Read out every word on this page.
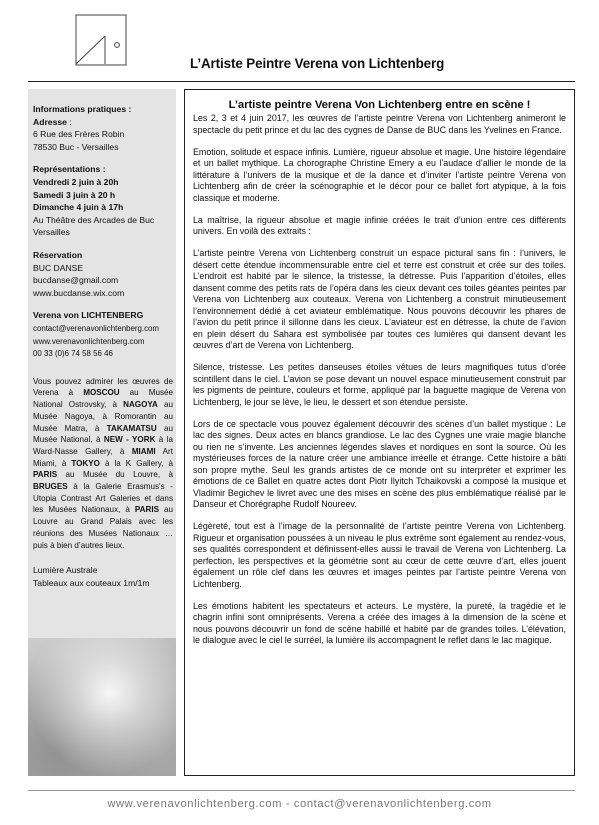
L’Artiste Peintre Verena von Lichtenberg
Informations pratiques :
Adresse :
6 Rue des Frères Robin
78530 Buc - Versailles
Représentations :
Vendredi 2 juin à 20h
Samedi 3 juin à 20 h
Dimanche 4 juin à 17h
Au Théâtre des Arcades de Buc Versailles
Réservation
BUC DANSE
bucdanse@gmail.com
www.bucdanse.wix.com
Verena von LICHTENBERG
contact@verenavonlichtenberg.com
www.verenavonlichtenberg.com
00 33 (0)6 74 58 56 46
Vous pouvez admirer les œuvres de Verena à MOSCOU au Musée National Ostrovsky, à NAGOYA au Musée Nagoya, à Romorantin au Musée Matra, à TAKAMATSU au Musée National, à NEW - YORK à la Ward-Nasse Gallery, à MIAMI Art Miami, à TOKYO à la K Gallery, à PARIS au Musée du Louvre, à BRUGES à la Galerie Erasmus's - Utopia Contrast Art Galeries et dans les Musées Nationaux, à PARIS au Louvre au Grand Palais avec les réunions des Musées Nationaux …puis à bien d’autres lieux.
Lumière Australe
Tableaux aux couteaux 1m/1m
L’artiste peintre Verena Von Lichtenberg entre en scène !

Les 2, 3 et 4 juin 2017, les œuvres de l’artiste peintre Verena von Lichtenberg animeront le spectacle du petit prince et du lac des cygnes de Danse de BUC dans les Yvelines en France.

Emotion, solitude et espace infinis. Lumière, rigueur absolue et magie. Une histoire légendaire et un ballet mythique. La chorographe Christine Emery a eu l’audace d’allier le monde de la littérature à l’univers de la musique et de la dance et d’inviter l’artiste peintre Verena von Lichtenberg afin de créer la scénographie et le décor pour ce ballet fort atypique, à la fois classique et moderne.

La maîtrise, la rigueur absolue et magie infinie créées le trait d’union entre ces différents univers. En voilà des extraits :

L’artiste peintre Verena von Lichtenberg construit un espace pictural sans fin : l’univers, le désert cette étendue incommensurable entre ciel et terre est construit et crée sur des toiles. L’endroit est habité par le silence, la tristesse, la détresse. Puis l’apparition d’étoiles, elles dansent comme des petits rats de l’opéra dans les cieux devant ces toiles géantes peintes par Verena von Lichtenberg aux couteaux. Verena von Lichtenberg a construit minutieusement l’environnement dédié à cet aviateur emblématique. Nous pouvons découvrir les phares de l’avion du petit prince il sillonne dans les cieux. L’aviateur est en détresse, la chute de l’avion en plein désert du Sahara est symbolisée par toutes ces lumières qui dansent devant les œuvres d’art de Verena von Lichtenberg.

Silence, tristesse. Les petites danseuses étoiles vêtues de leurs magnifiques tutus d’orée scintillent dans le ciel. L’avion se pose devant un nouvel espace minutieusement construit par les pigments de peinture, couleurs et forme, appliqué par la baguette magique de Verena von Lichtenberg, le jour se lève, le lieu, le dessert et son étendue persiste.

Lors de ce spectacle vous pouvez également découvrir des scènes d’un ballet mystique : Le lac des signes. Deux actes en blancs grandiose. Le lac des Cygnes une vraie magie blanche ou rien ne s’invente. Les anciennes légendes slaves et nordiques en sont la source. Où les mystérieuses forces de la nature créer une ambiance irréelle et étrange. Cette histoire a bâti son propre mythe. Seul les grands artistes de ce monde ont su interpréter et exprimer les émotions de ce Ballet en quatre actes dont Piotr Ilyitch Tchaikovski a composé la musique et Vladimir Begichev le livret avec une des mises en scène des plus emblématique réalisé par le Danseur et Chorégraphe Rudolf Noureev.

Légèreté, tout est à l’image de la personnalité de l’artiste peintre Verena von Lichtenberg. Rigueur et organisation poussées à un niveau le plus extrême sont également au rendez-vous, ses qualités correspondent et définissent-elles aussi le travail de Verena von Lichtenberg. La perfection, les perspectives et la géométrie sont au cœur de cette œuvre d’art, elles jouent également un rôle clef dans les œuvres et images peintes par l’artiste peintre Verena von Lichtenberg.

Les émotions habitent les spectateurs et acteurs. Le mystère, la pureté, la tragédie et le chagrin infini sont omniprésents. Verena a créée des images à la dimension de la scène et nous pouvons découvrir un fond de scène habillé et habité par de grandes toiles. L’élévation, le dialogue avec le ciel le surréel, la lumière ils accompagnent le reflet dans le lac magique.

www.verenavonlichtenberg.com - contact@verenavonlichtenberg.com
